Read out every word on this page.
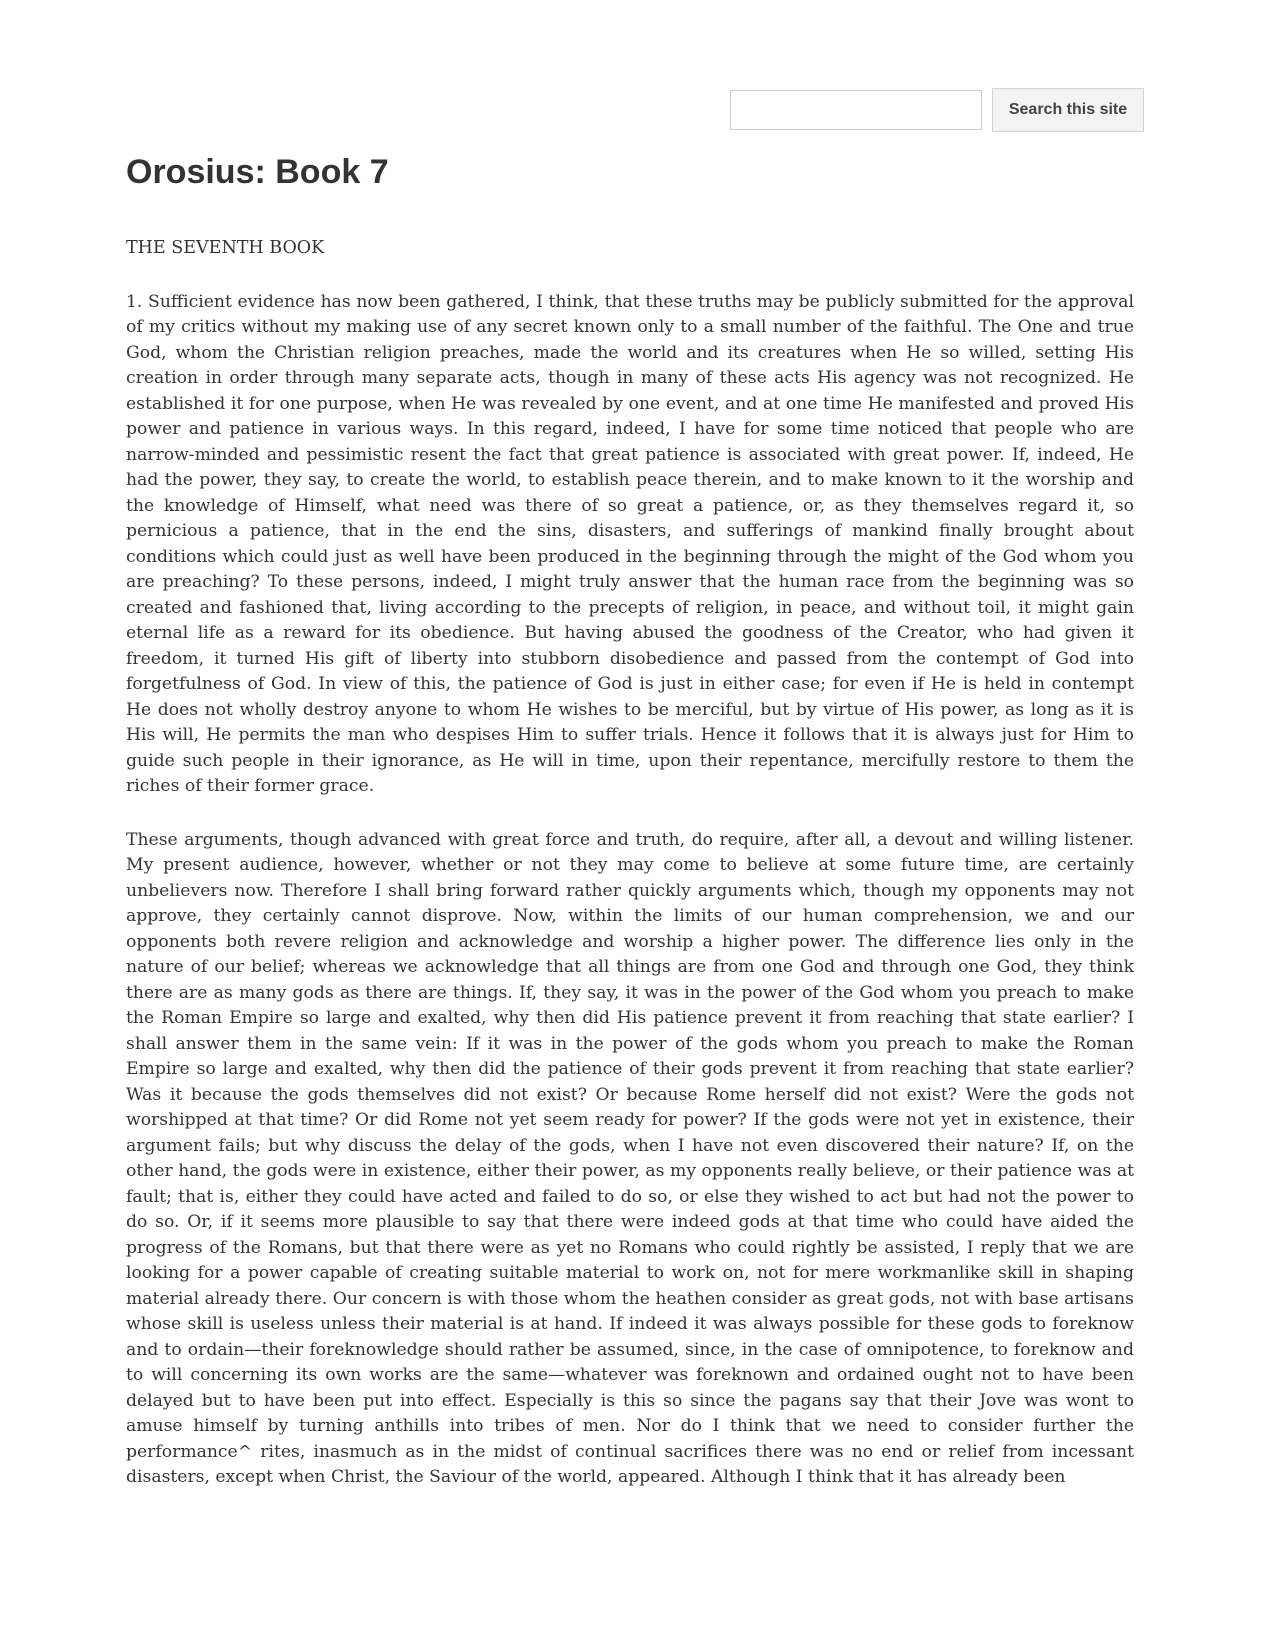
Search this site
Orosius: Book 7

THE SEVENTH BOOK

1. Sufficient evidence has now been gathered, I think, that these truths may be publicly submitted for the approval of my critics without my making use of any secret known only to a small number of the faithful. The One and true God, whom the Christian religion preaches, made the world and its creatures when He so willed, setting His creation in order through many separate acts, though in many of these acts His agency was not recognized. He established it for one purpose, when He was revealed by one event, and at one time He manifested and proved His power and patience in various ways. In this regard, indeed, I have for some time noticed that people who are narrow-minded and pessimistic resent the fact that great patience is associated with great power. If, indeed, He had the power, they say, to create the world, to establish peace therein, and to make known to it the worship and the knowledge of Himself, what need was there of so great a patience, or, as they themselves regard it, so pernicious a patience, that in the end the sins, disasters, and sufferings of mankind finally brought about conditions which could just as well have been produced in the beginning through the might of the God whom you are preaching? To these persons, indeed, I might truly answer that the human race from the beginning was so created and fashioned that, living according to the precepts of religion, in peace, and without toil, it might gain eternal life as a reward for its obedience. But having abused the goodness of the Creator, who had given it freedom, it turned His gift of liberty into stubborn disobedience and passed from the contempt of God into forgetfulness of God. In view of this, the patience of God is just in either case; for even if He is held in contempt He does not wholly destroy anyone to whom He wishes to be merciful, but by virtue of His power, as long as it is His will, He permits the man who despises Him to suffer trials. Hence it follows that it is always just for Him to guide such people in their ignorance, as He will in time, upon their repentance, mercifully restore to them the riches of their former grace.

These arguments, though advanced with great force and truth, do require, after all, a devout and willing listener. My present audience, however, whether or not they may come to believe at some future time, are certainly unbelievers now. Therefore I shall bring forward rather quickly arguments which, though my opponents may not approve, they certainly cannot disprove. Now, within the limits of our human comprehension, we and our opponents both revere religion and acknowledge and worship a higher power. The difference lies only in the nature of our belief; whereas we acknowledge that all things are from one God and through one God, they think there are as many gods as there are things. If, they say, it was in the power of the God whom you preach to make the Roman Empire so large and exalted, why then did His patience prevent it from reaching that state earlier? I shall answer them in the same vein: If it was in the power of the gods whom you preach to make the Roman Empire so large and exalted, why then did the patience of their gods prevent it from reaching that state earlier? Was it because the gods themselves did not exist? Or because Rome herself did not exist? Were the gods not worshipped at that time? Or did Rome not yet seem ready for power? If the gods were not yet in existence, their argument fails; but why discuss the delay of the gods, when I have not even discovered their nature? If, on the other hand, the gods were in existence, either their power, as my opponents really believe, or their patience was at fault; that is, either they could have acted and failed to do so, or else they wished to act but had not the power to do so. Or, if it seems more plausible to say that there were indeed gods at that time who could have aided the progress of the Romans, but that there were as yet no Romans who could rightly be assisted, I reply that we are looking for a power capable of creating suitable material to work on, not for mere workmanlike skill in shaping material already there. Our concern is with those whom the heathen consider as great gods, not with base artisans whose skill is useless unless their material is at hand. If indeed it was always possible for these gods to foreknow and to ordain—their foreknowledge should rather be assumed, since, in the case of omnipotence, to foreknow and to will concerning its own works are the same—whatever was foreknown and ordained ought not to have been delayed but to have been put into effect. Especially is this so since the pagans say that their Jove was wont to amuse himself by turning anthills into tribes of men. Nor do I think that we need to consider further the performance^ rites, inasmuch as in the midst of continual sacrifices there was no end or relief from incessant disasters, except when Christ, the Saviour of the world, appeared. Although I think that it has already been
